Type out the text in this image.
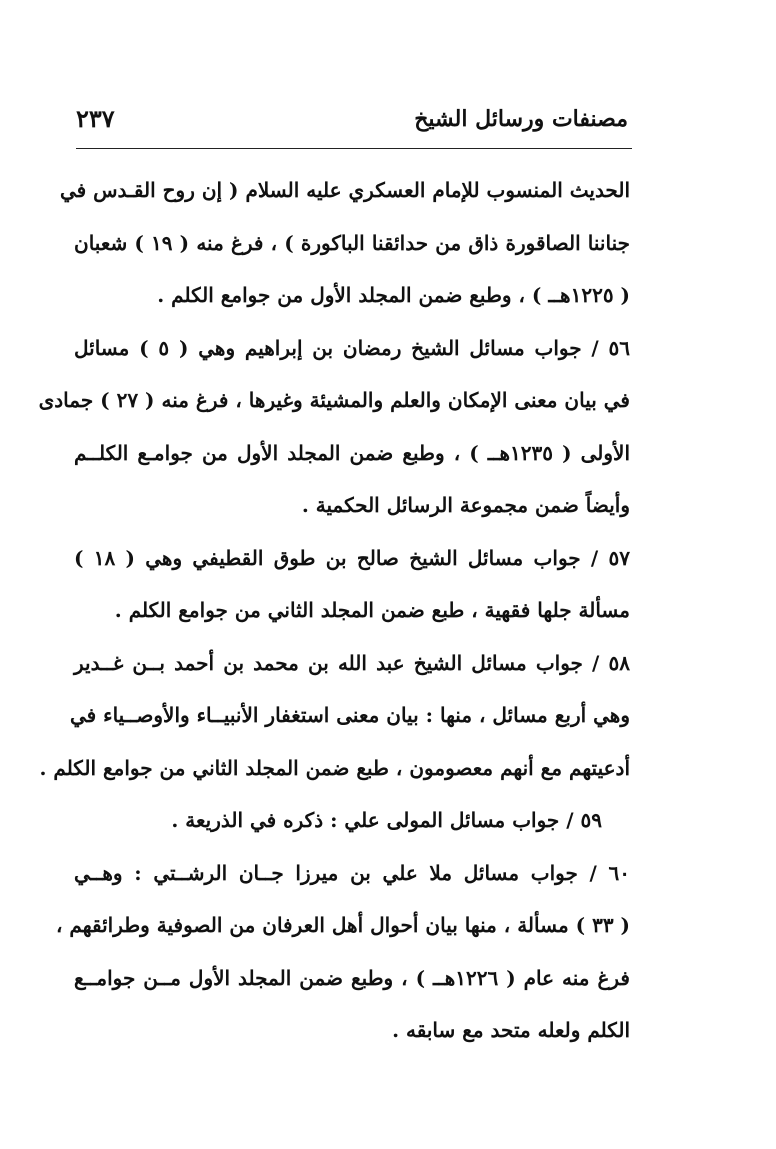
مصنفات ورسائل الشيخ
٢٣٧
الحديث المنسوب للإمام العسكري عليه السلام ( إن روح القـدس في
جناننا الصاقورة ذاق من حدائقنا الباكورة ) ، فرغ منه ( ١٩ ) شعبان
( ١٢٢٥هــ ) ، وطبع ضمن المجلد الأول من جوامع الكلم .
٥٦ / جواب مسائل الشيخ رمضان بن إبراهيم وهي ( ٥ ) مسائل
في بيان معنى الإمكان والعلم والمشيئة وغيرها ، فرغ منه ( ٢٧ ) جمادى
الأولى ( ١٢٣٥هــ ) ، وطبع ضمن المجلد الأول من جوامـع الكلــم
وأيضاً ضمن مجموعة الرسائل الحكمية .
٥٧ / جواب مسائل الشيخ صالح بن طوق القطيفي وهي ( ١٨ )
مسألة جلها فقهية ، طبع ضمن المجلد الثاني من جوامع الكلم .
٥٨ / جواب مسائل الشيخ عبد الله بن محمد بن أحمد بــن غــدير
وهي أربع مسائل ، منها : بيان معنى استغفار الأنبيــاء والأوصــياء في
أدعيتهم مع أنهم معصومون ، طبع ضمن المجلد الثاني من جوامع الكلم .
٥٩ / جواب مسائل المولى علي : ذكره في الذريعة .
٦٠ / جواب مسائل ملا علي بن ميرزا جــان الرشــتي : وهــي
( ٣٣ ) مسألة ، منها بيان أحوال أهل العرفان من الصوفية وطرائقهم ،
فرغ منه عام ( ١٢٢٦هــ ) ، وطبع ضمن المجلد الأول مــن جوامــع
الكلم ولعله متحد مع سابقه .
